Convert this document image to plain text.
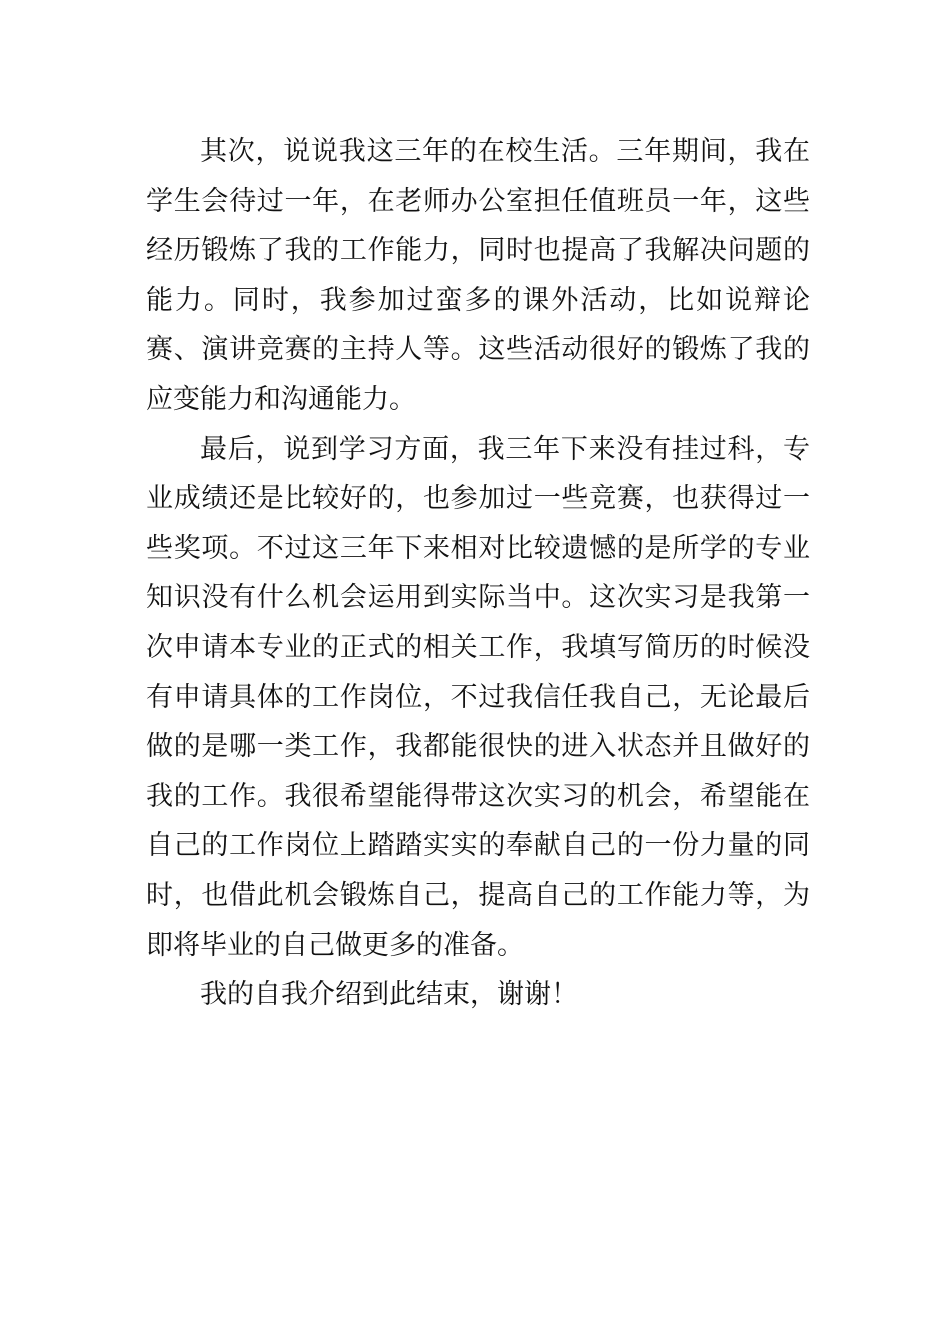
其次，说说我这三年的在校生活。三年期间，我在学生会待过一年，在老师办公室担任值班员一年，这些经历锻炼了我的工作能力，同时也提高了我解决问题的能力。同时，我参加过蛮多的课外活动，比如说辩论赛、演讲竞赛的主持人等。这些活动很好的锻炼了我的应变能力和沟通能力。

最后，说到学习方面，我三年下来没有挂过科，专业成绩还是比较好的，也参加过一些竞赛，也获得过一些奖项。不过这三年下来相对比较遗憾的是所学的专业知识没有什么机会运用到实际当中。这次实习是我第一次申请本专业的正式的相关工作，我填写简历的时候没有申请具体的工作岗位，不过我信任我自己，无论最后做的是哪一类工作，我都能很快的进入状态并且做好的我的工作。我很希望能得带这次实习的机会，希望能在自己的工作岗位上踏踏实实的奉献自己的一份力量的同时，也借此机会锻炼自己，提高自己的工作能力等，为即将毕业的自己做更多的准备。

我的自我介绍到此结束，谢谢！
